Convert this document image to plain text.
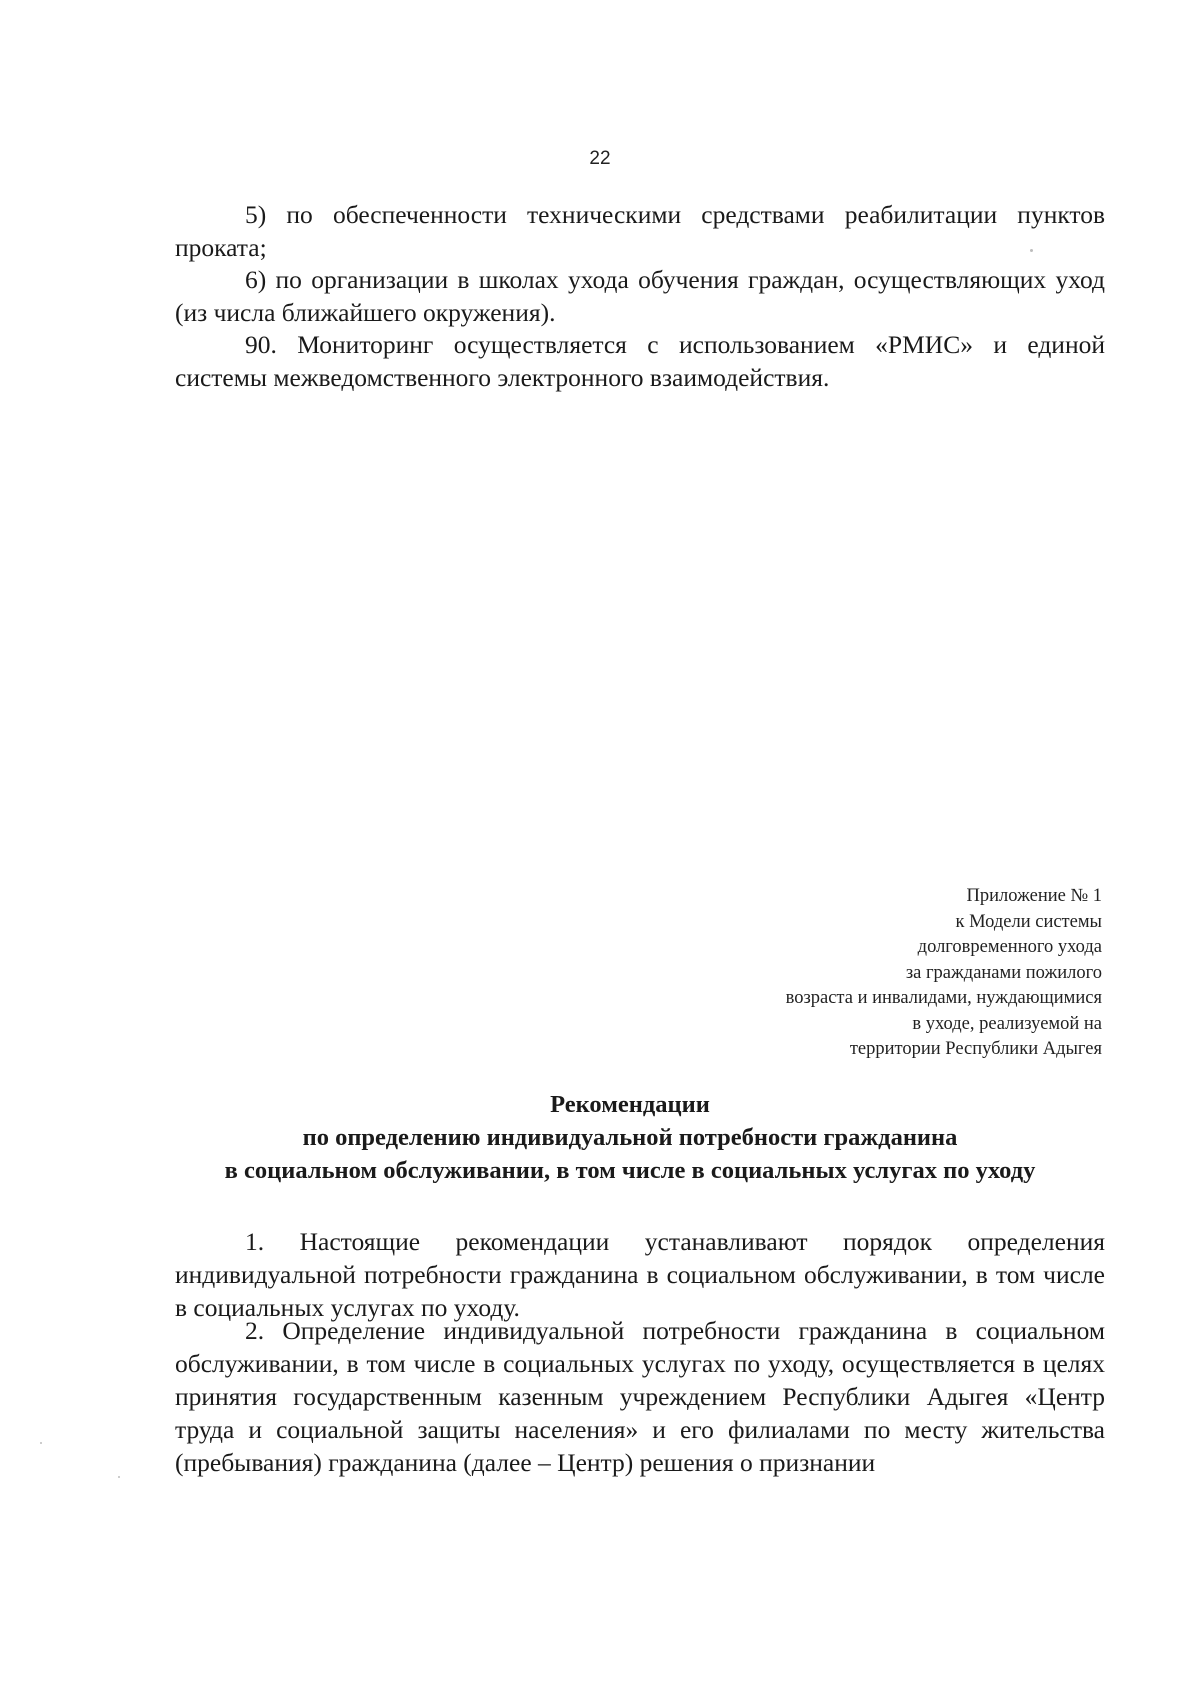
22

5) по обеспеченности техническими средствами реабилитации пунктов проката;

6) по организации в школах ухода обучения граждан, осуществляющих уход (из числа ближайшего окружения).

90. Мониторинг осуществляется с использованием «РМИС» и единой системы межведомственного электронного взаимодействия.

Приложение № 1
к Модели системы
долговременного ухода
за гражданами пожилого
возраста и инвалидами, нуждающимися
в уходе, реализуемой на
территории Республики Адыгея
Рекомендации
по определению индивидуальной потребности гражданина
в социальном обслуживании, в том числе в социальных услугах по уходу

1. Настоящие рекомендации устанавливают порядок определения индивидуальной потребности гражданина в социальном обслуживании, в том числе в социальных услугах по уходу.

2. Определение индивидуальной потребности гражданина в социальном обслуживании, в том числе в социальных услугах по уходу, осуществляется в целях принятия государственным казенным учреждением Республики Адыгея «Центр труда и социальной защиты населения» и его филиалами по месту жительства (пребывания) гражданина (далее – Центр) решения о признании
